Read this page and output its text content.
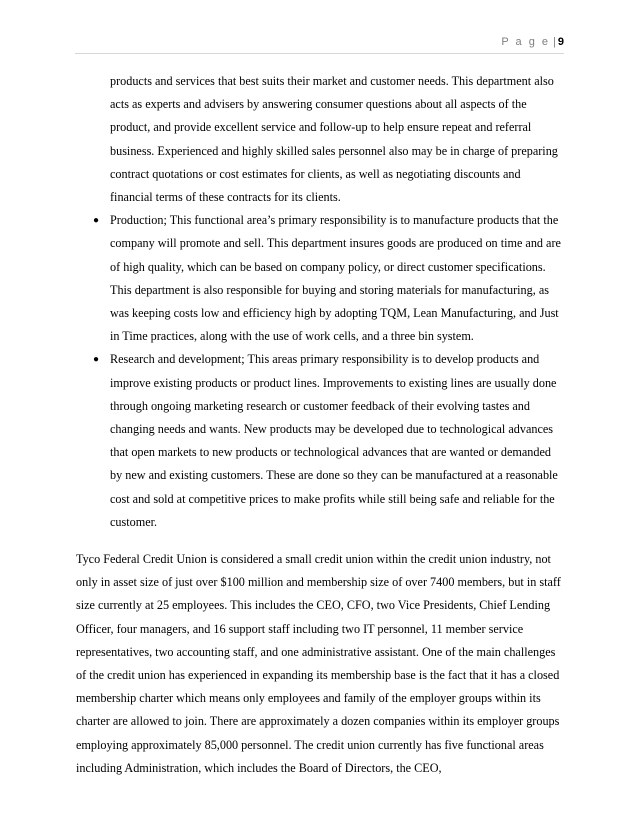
P a g e | 9

products and services that best suits their market and customer needs. This department also acts as experts and advisers by answering consumer questions about all aspects of the product, and provide excellent service and follow-up to help ensure repeat and referral business. Experienced and highly skilled sales personnel also may be in charge of preparing contract quotations or cost estimates for clients, as well as negotiating discounts and financial terms of these contracts for its clients.

● Production; This functional area’s primary responsibility is to manufacture products that the company will promote and sell. This department insures goods are produced on time and are of high quality, which can be based on company policy, or direct customer specifications. This department is also responsible for buying and storing materials for manufacturing, as was keeping costs low and efficiency high by adopting TQM, Lean Manufacturing, and Just in Time practices, along with the use of work cells, and a three bin system.
● Research and development; This areas primary responsibility is to develop products and improve existing products or product lines. Improvements to existing lines are usually done through ongoing marketing research or customer feedback of their evolving tastes and changing needs and wants. New products may be developed due to technological advances that open markets to new products or technological advances that are wanted or demanded by new and existing customers. These are done so they can be manufactured at a reasonable cost and sold at competitive prices to make profits while still being safe and reliable for the customer.

Tyco Federal Credit Union is considered a small credit union within the credit union industry, not only in asset size of just over $100 million and membership size of over 7400 members, but in staff size currently at 25 employees. This includes the CEO, CFO, two Vice Presidents, Chief Lending Officer, four managers, and 16 support staff including two IT personnel, 11 member service representatives, two accounting staff, and one administrative assistant. One of the main challenges of the credit union has experienced in expanding its membership base is the fact that it has a closed membership charter which means only employees and family of the employer groups within its charter are allowed to join. There are approximately a dozen companies within its employer groups employing approximately 85,000 personnel. The credit union currently has five functional areas including Administration, which includes the Board of Directors, the CEO,
